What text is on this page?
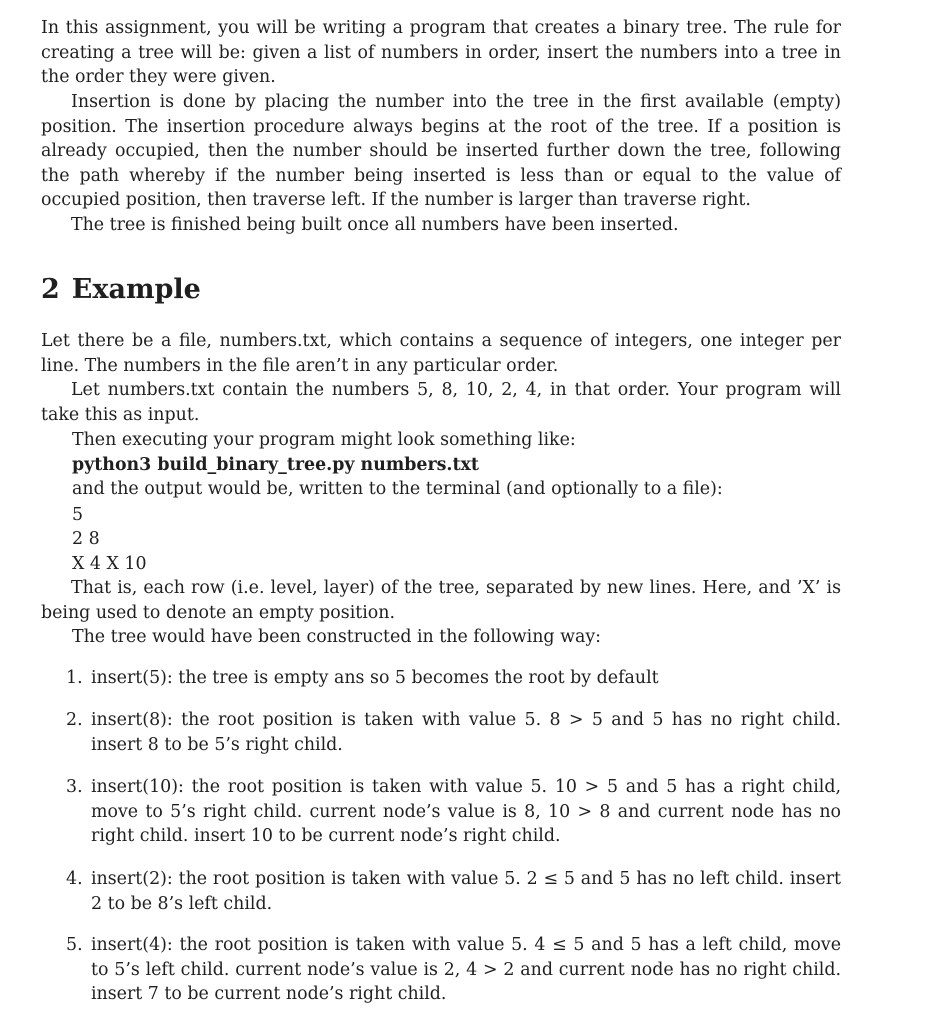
In this assignment, you will be writing a program that creates a binary tree. The rule for creating a tree will be: given a list of numbers in order, insert the numbers into a tree in the order they were given.

Insertion is done by placing the number into the tree in the first available (empty) position. The insertion procedure always begins at the root of the tree. If a position is already occupied, then the number should be inserted further down the tree, following the path whereby if the number being inserted is less than or equal to the value of occupied position, then traverse left. If the number is larger than traverse right.

The tree is finished being built once all numbers have been inserted.

2 Example

Let there be a file, numbers.txt, which contains a sequence of integers, one integer per line. The numbers in the file aren’t in any particular order.

Let numbers.txt contain the numbers 5, 8, 10, 2, 4, in that order. Your program will take this as input.

Then executing your program might look something like:
python3 build_binary_tree.py numbers.txt
and the output would be, written to the terminal (and optionally to a file):
5
2 8
X 4 X 10

That is, each row (i.e. level, layer) of the tree, separated by new lines. Here, and ’X’ is being used to denote an empty position.

The tree would have been constructed in the following way:
1. insert(5): the tree is empty ans so 5 becomes the root by default
2. insert(8): the root position is taken with value 5. 8 > 5 and 5 has no right child. insert 8 to be 5’s right child.
3. insert(10): the root position is taken with value 5. 10 > 5 and 5 has a right child, move to 5’s right child. current node’s value is 8, 10 > 8 and current node has no right child. insert 10 to be current node’s right child.
4. insert(2): the root position is taken with value 5. 2 ≤ 5 and 5 has no left child. insert 2 to be 8’s left child.
5. insert(4): the root position is taken with value 5. 4 ≤ 5 and 5 has a left child, move to 5’s left child. current node’s value is 2, 4 > 2 and current node has no right child. insert 7 to be current node’s right child.
